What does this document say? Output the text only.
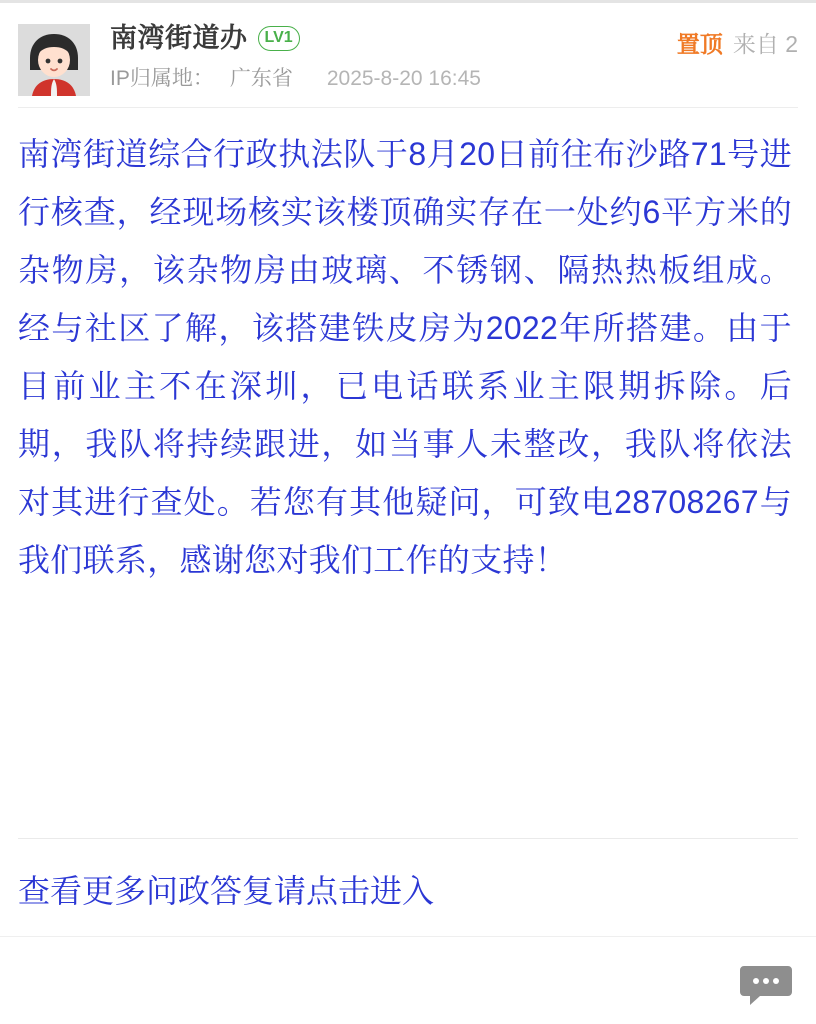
南湾街道办	LV1
IP归属地： 广东省 2025-8-20 16:45
置顶 来自 2
南湾街道综合行政执法队于8月20日前往布沙路71号进行核查，经现场核实该楼顶确实存在一处约6平方米的杂物房，该杂物房由玻璃、不锈钢、隔热热板组成。经与社区了解，该搭建铁皮房为2022年所搭建。由于目前业主不在深圳，已电话联系业主限期拆除。后期，我队将持续跟进，如当事人未整改，我队将依法对其进行查处。若您有其他疑问，可致电28708267与我们联系，感谢您对我们工作的支持！
查看更多问政答复请点击进入
